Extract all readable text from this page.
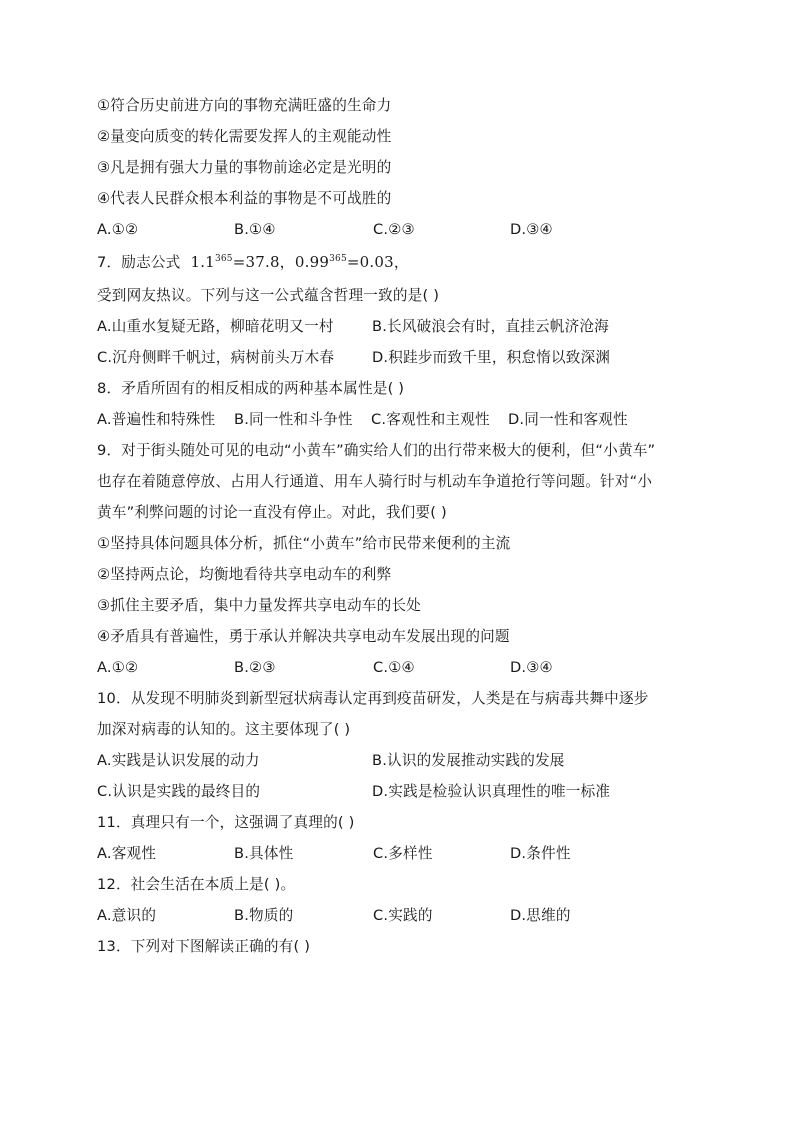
①符合历史前进方向的事物充满旺盛的生命力
②量变向质变的转化需要发挥人的主观能动性
③凡是拥有强大力量的事物前途必定是光明的
④代表人民群众根本利益的事物是不可战胜的
A.①②	B.①④	C.②③	D.③④
7．励志公式 $1.1^{365}=37.8$，$0.99^{365}=0.03$，
受到网友热议。下列与这一公式蕴含哲理一致的是( )
A.山重水复疑无路，柳暗花明又一村	B.长风破浪会有时，直挂云帆济沧海
C.沉舟侧畔千帆过，病树前头万木春	D.积跬步而致千里，积怠惰以致深渊
8．矛盾所固有的相反相成的两种基本属性是( )
A.普遍性和特殊性 B.同一性和斗争性 C.客观性和主观性 D.同一性和客观性
9．对于街头随处可见的电动“小黄车”确实给人们的出行带来极大的便利，但“小黄车”
也存在着随意停放、占用人行通道、用车人骑行时与机动车争道抢行等问题。针对“小
黄车”利弊问题的讨论一直没有停止。对此，我们要( )
①坚持具体问题具体分析，抓住“小黄车”给市民带来便利的主流
②坚持两点论，均衡地看待共享电动车的利弊
③抓住主要矛盾，集中力量发挥共享电动车的长处
④矛盾具有普遍性，勇于承认并解决共享电动车发展出现的问题
A.①②	B.②③	C.①④	D.③④
10．从发现不明肺炎到新型冠状病毒认定再到疫苗研发，人类是在与病毒共舞中逐步
加深对病毒的认知的。这主要体现了( )
A.实践是认识发展的动力	B.认识的发展推动实践的发展
C.认识是实践的最终目的	D.实践是检验认识真理性的唯一标准
11．真理只有一个，这强调了真理的( )
A.客观性	B.具体性	C.多样性	D.条件性
12．社会生活在本质上是( )。
A.意识的	B.物质的	C.实践的	D.思维的
13．下列对下图解读正确的有( )
